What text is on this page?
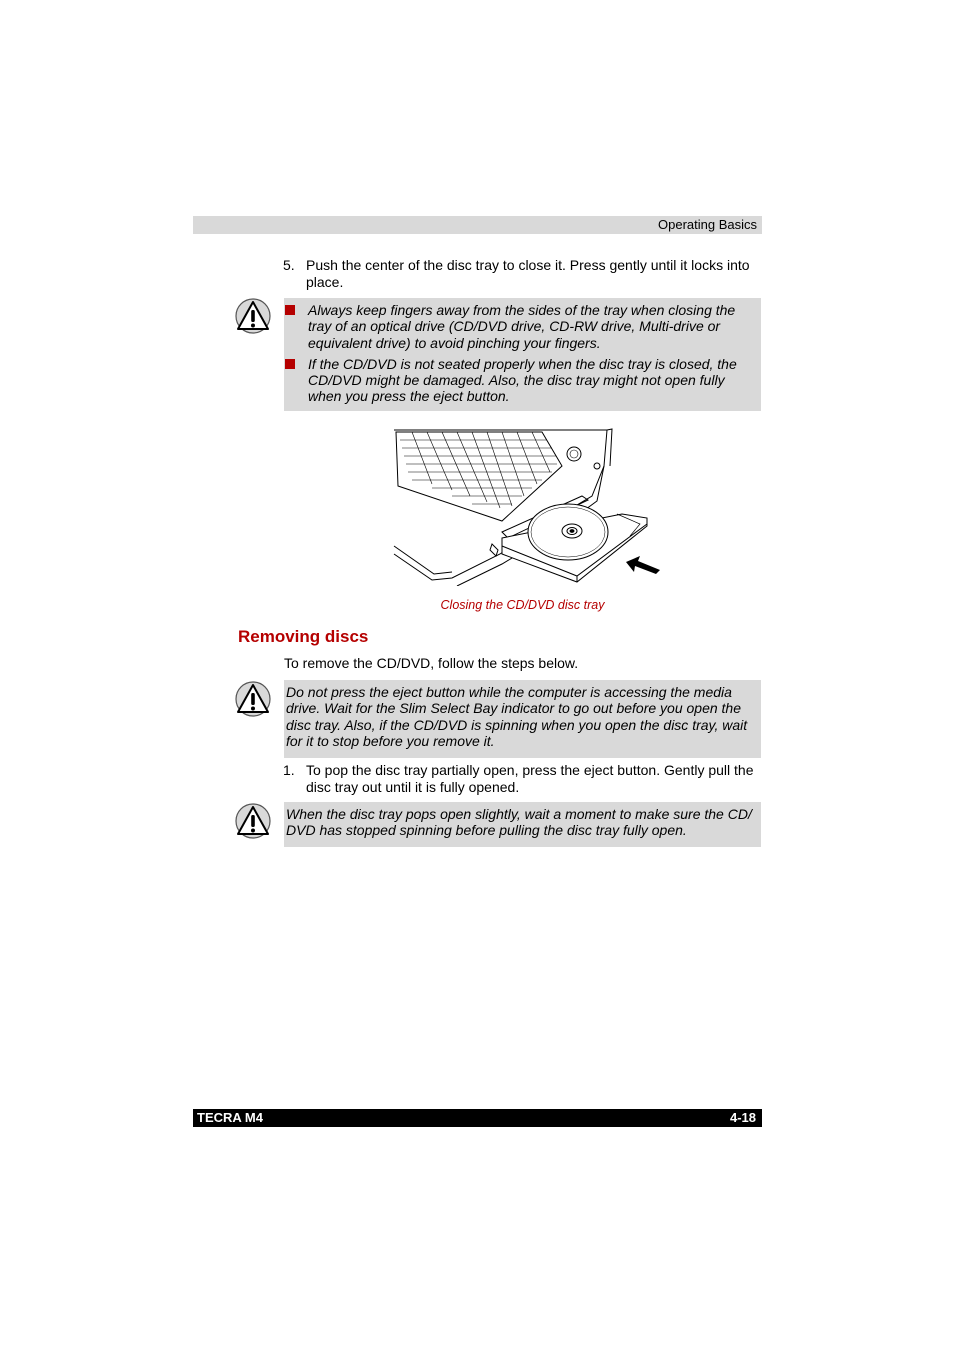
Operating Basics
5. Push the center of the disc tray to close it. Press gently until it locks into place.
Always keep fingers away from the sides of the tray when closing the tray of an optical drive (CD/DVD drive, CD-RW drive, Multi-drive or equivalent drive) to avoid pinching your fingers.
If the CD/DVD is not seated properly when the disc tray is closed, the CD/DVD might be damaged. Also, the disc tray might not open fully when you press the eject button.
Closing the CD/DVD disc tray
Removing discs
To remove the CD/DVD, follow the steps below.
Do not press the eject button while the computer is accessing the media drive. Wait for the Slim Select Bay indicator to go out before you open the disc tray. Also, if the CD/DVD is spinning when you open the disc tray, wait for it to stop before you remove it.
1. To pop the disc tray partially open, press the eject button. Gently pull the disc tray out until it is fully opened.
When the disc tray pops open slightly, wait a moment to make sure the CD/ DVD has stopped spinning before pulling the disc tray fully open.
TECRA M4	4-18
